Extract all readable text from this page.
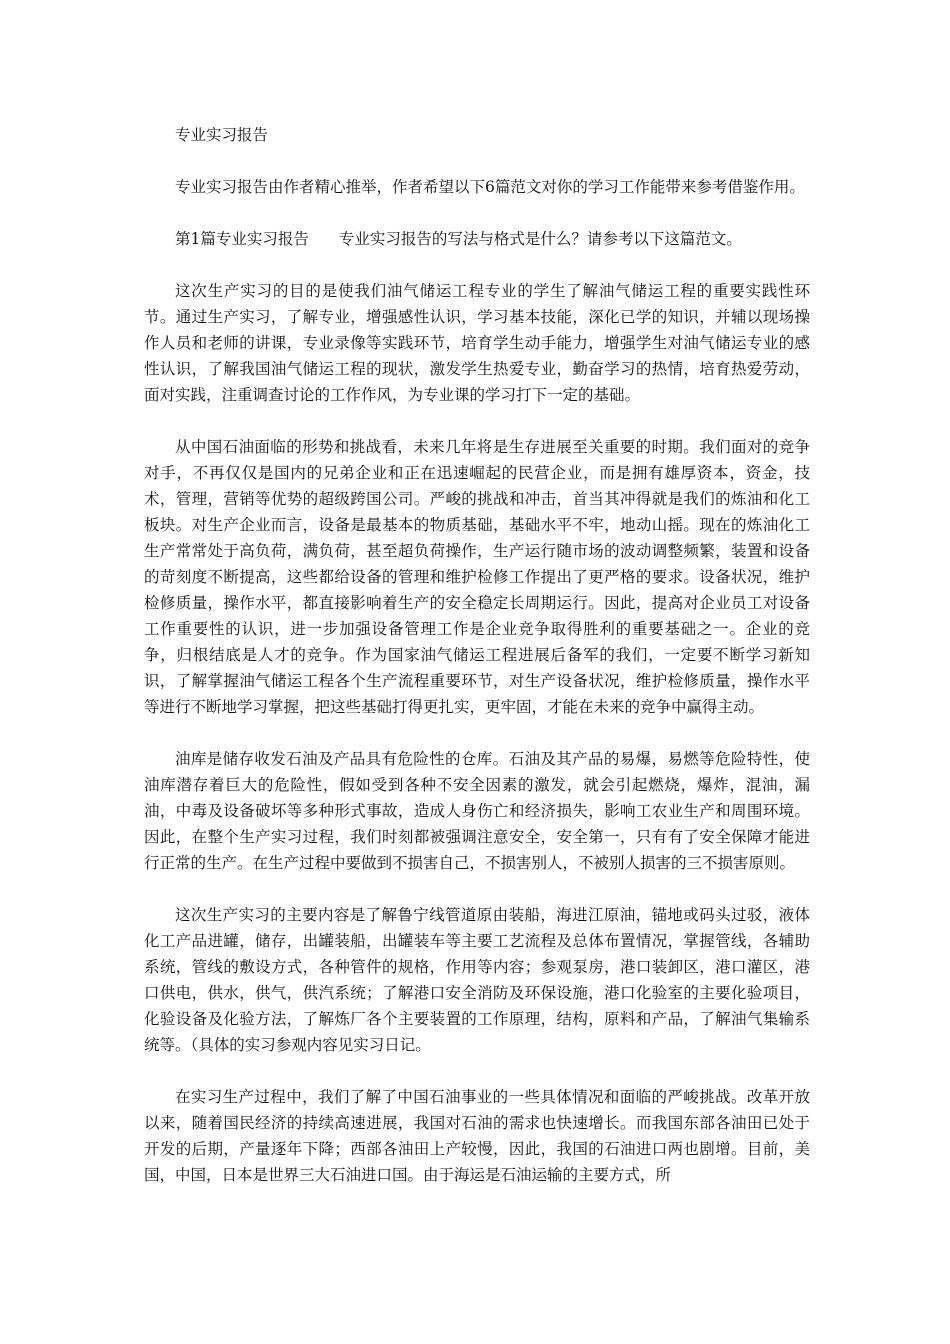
专业实习报告

专业实习报告由作者精心推举，作者希望以下6篇范文对你的学习工作能带来参考借鉴作用。

第1篇专业实习报告 专业实习报告的写法与格式是什么？请参考以下这篇范文。

这次生产实习的目的是使我们油气储运工程专业的学生了解油气储运工程的重要实践性环节。通过生产实习，了解专业，增强感性认识，学习基本技能，深化已学的知识，并辅以现场操作人员和老师的讲课，专业录像等实践环节，培育学生动手能力，增强学生对油气储运专业的感性认识，了解我国油气储运工程的现状，激发学生热爱专业，勤奋学习的热情，培育热爱劳动，面对实践，注重调查讨论的工作作风，为专业课的学习打下一定的基础。

从中国石油面临的形势和挑战看，未来几年将是生存进展至关重要的时期。我们面对的竞争对手，不再仅仅是国内的兄弟企业和正在迅速崛起的民营企业，而是拥有雄厚资本，资金，技术，管理，营销等优势的超级跨国公司。严峻的挑战和冲击，首当其冲得就是我们的炼油和化工板块。对生产企业而言，设备是最基本的物质基础，基础水平不牢，地动山摇。现在的炼油化工生产常常处于高负荷，满负荷，甚至超负荷操作，生产运行随市场的波动调整频繁，装置和设备的苛刻度不断提高，这些都给设备的管理和维护检修工作提出了更严格的要求。设备状况，维护检修质量，操作水平，都直接影响着生产的安全稳定长周期运行。因此，提高对企业员工对设备工作重要性的认识，进一步加强设备管理工作是企业竞争取得胜利的重要基础之一。企业的竞争，归根结底是人才的竞争。作为国家油气储运工程进展后备军的我们，一定要不断学习新知识，了解掌握油气储运工程各个生产流程重要环节，对生产设备状况，维护检修质量，操作水平等进行不断地学习掌握，把这些基础打得更扎实，更牢固，才能在未来的竞争中赢得主动。

油库是储存收发石油及产品具有危险性的仓库。石油及其产品的易爆，易燃等危险特性，使油库潜存着巨大的危险性，假如受到各种不安全因素的激发，就会引起燃烧，爆炸，混油，漏油，中毒及设备破坏等多种形式事故，造成人身伤亡和经济损失，影响工农业生产和周围环境。因此，在整个生产实习过程，我们时刻都被强调注意安全，安全第一，只有有了安全保障才能进行正常的生产。在生产过程中要做到不损害自己，不损害别人，不被别人损害的三不损害原则。

这次生产实习的主要内容是了解鲁宁线管道原由装船，海进江原油，锚地或码头过驳，液体化工产品进罐，储存，出罐装船，出罐装车等主要工艺流程及总体布置情况，掌握管线，各辅助系统，管线的敷设方式，各种管件的规格，作用等内容；参观泵房，港口装卸区，港口灌区，港口供电，供水，供气，供汽系统；了解港口安全消防及环保设施，港口化验室的主要化验项目，化验设备及化验方法，了解炼厂各个主要装置的工作原理，结构，原料和产品，了解油气集输系统等。（具体的实习参观内容见实习日记。

在实习生产过程中，我们了解了中国石油事业的一些具体情况和面临的严峻挑战。改革开放以来，随着国民经济的持续高速进展，我国对石油的需求也快速增长。而我国东部各油田已处于开发的后期，产量逐年下降；西部各油田上产较慢，因此，我国的石油进口两也剧增。目前，美国，中国，日本是世界三大石油进口国。由于海运是石油运输的主要方式，所
